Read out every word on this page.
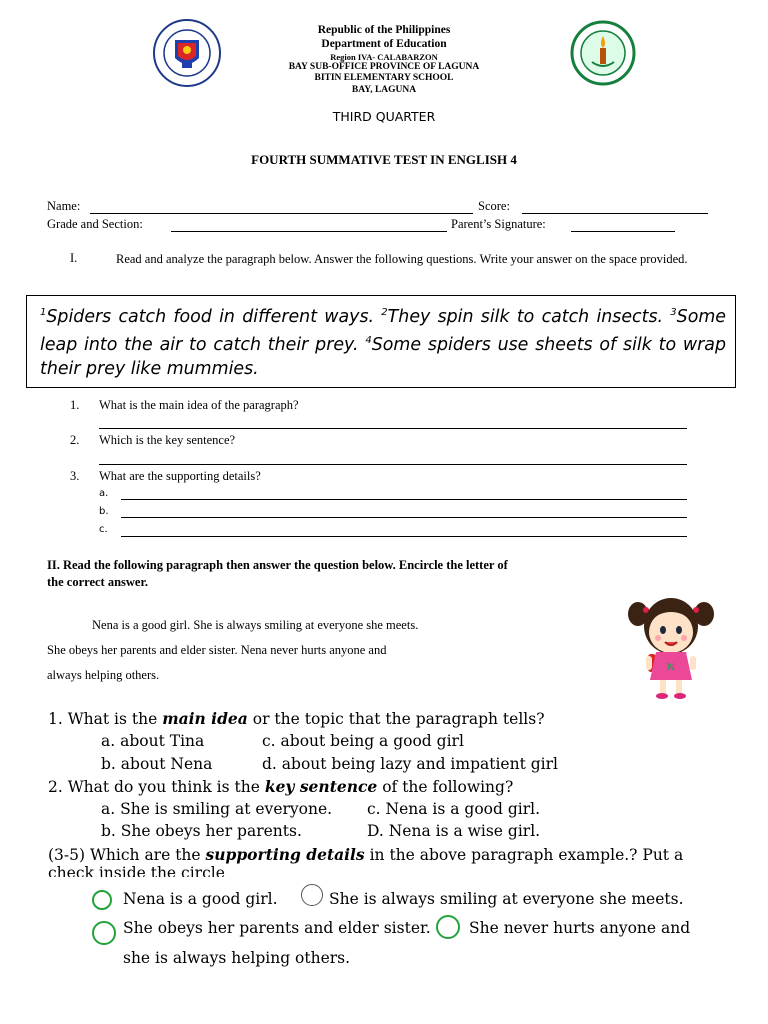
Republic of the Philippines
Department of Education
Region IVA- CALABARZON
BAY SUB-OFFICE PROVINCE OF LAGUNA
BITIN ELEMENTARY SCHOOL
BAY, LAGUNA
THIRD QUARTER
FOURTH SUMMATIVE TEST IN ENGLISH 4
Name:	Score:
Grade and Section:	Parent’s Signature:
I.	Read and analyze the paragraph below. Answer the following questions. Write your answer on the space provided.
$^1$Spiders catch food in different ways. $^2$They spin silk to catch insects. $^3$Some leap into the air to catch their prey. $^4$Some spiders use sheets of silk to wrap their prey like mummies.
1. What is the main idea of the paragraph?
2. Which is the key sentence?
3. What are the supporting details?
a.
b.
c.
II. Read the following paragraph then answer the question below. Encircle the letter of
the correct answer.
Nena is a good girl. She is always smiling at everyone she meets.
She obeys her parents and elder sister. Nena never hurts anyone and
always helping others.
N
1. What is the main idea or the topic that the paragraph tells?
a. about Tina	c. about being a good girl
b. about Nena	d. about being lazy and impatient girl
2. What do you think is the key sentence of the following?
a. She is smiling at everyone. c. Nena is a good girl.
b. She obeys her parents.	D. Nena is a wise girl.
(3-5) Which are the supporting details in the above paragraph example.? Put a
check inside the circle
Nena is a good girl.	She is always smiling at everyone she meets.
She obeys her parents and elder sister. She never hurts anyone and
she is always helping others.
